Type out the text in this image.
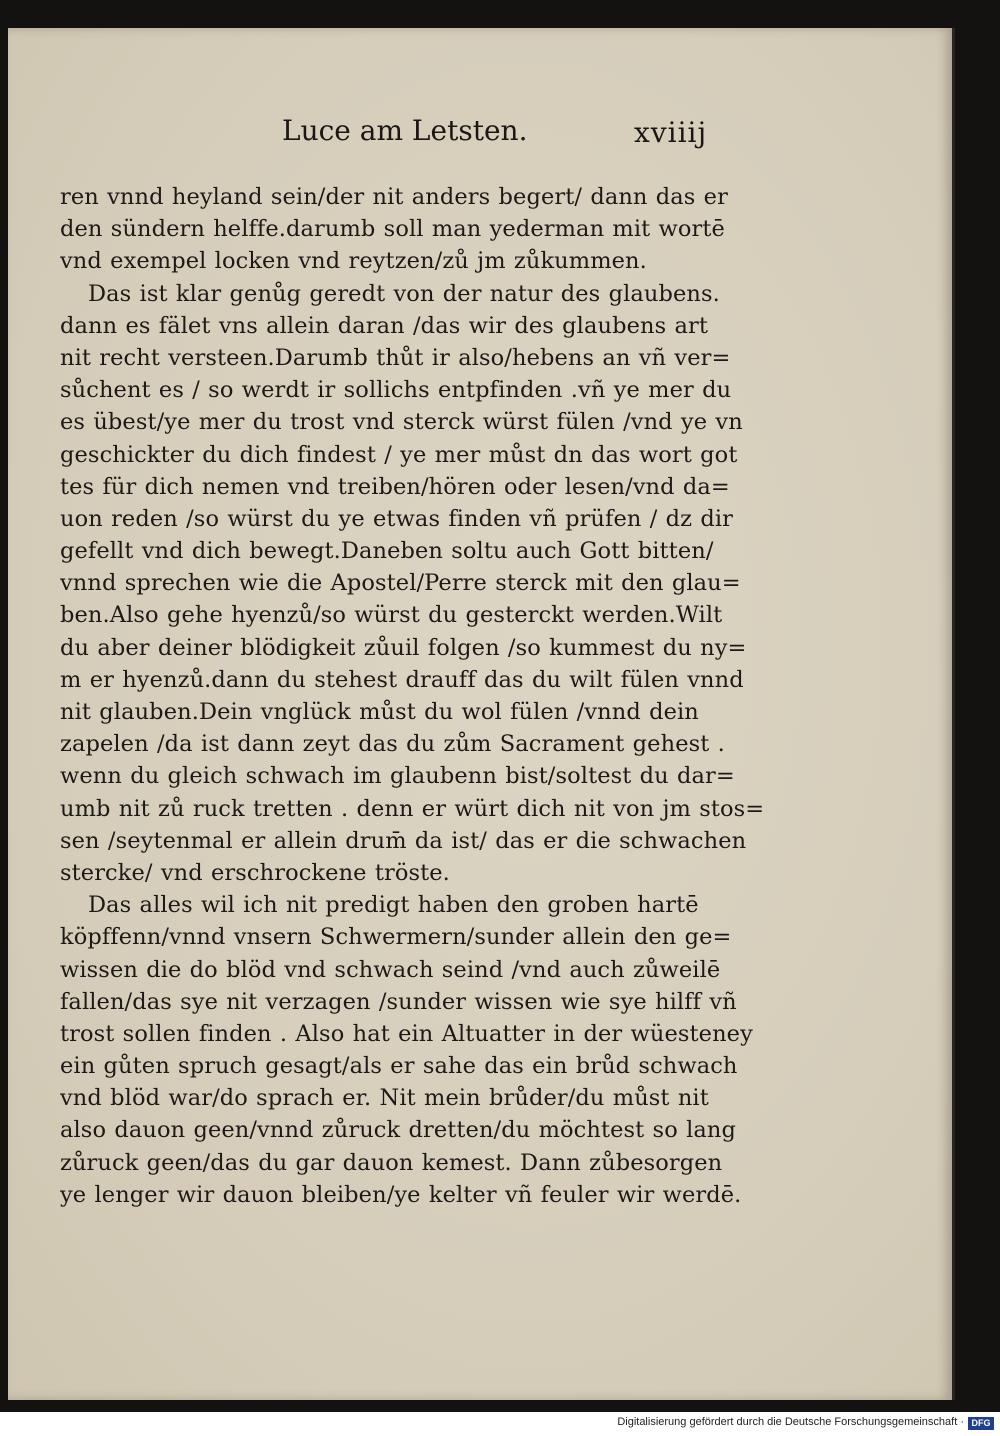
Luce am Letsten.	xviiij
ren vnnd heyland sein/der nit anders begert/ dann das er
den sündern helffe.darumb soll man yederman mit wortē
vnd exempel locken vnd reytzen/zů jm zůkummen.
Das ist klar genůg geredt von der natur des glaubens.
dann es fälet vns allein daran /das wir des glaubens art
nit recht versteen.Darumb thůt ir also/hebens an vñ ver=
sůchent es / so werdt ir sollichs entpfinden .vñ ye mer du
es übest/ye mer du trost vnd sterck würst fülen /vnd ye vn
geschickter du dich findest / ye mer můst dn das wort got
tes für dich nemen vnd treiben/hören oder lesen/vnd da=
uon reden /so würst du ye etwas finden vñ prüfen / dz dir
gefellt vnd dich bewegt.Daneben soltu auch Gott bitten/
vnnd sprechen wie die Apostel/Perre sterck mit den glau=
ben.Also gehe hyenzů/so würst du gesterckt werden.Wilt
du aber deiner blödigkeit zůuil folgen /so kummest du ny=
m er hyenzů.dann du stehest drauff das du wilt fülen vnnd
nit glauben.Dein vnglück můst du wol fülen /vnnd dein
zapelen /da ist dann zeyt das du zům Sacrament gehest .
wenn du gleich schwach im glaubenn bist/soltest du dar=
umb nit zů ruck tretten . denn er würt dich nit von jm stos=
sen /seytenmal er allein drum̄ da ist/ das er die schwachen
stercke/ vnd erschrockene tröste.
Das alles wil ich nit predigt haben den groben hartē
köpffenn/vnnd vnsern Schwermern/sunder allein den ge=
wissen die do blöd vnd schwach seind /vnd auch zůweilē
fallen/das sye nit verzagen /sunder wissen wie sye hilff vñ
trost sollen finden . Also hat ein Altuatter in der wüesteney
ein gůten spruch gesagt/als er sahe das ein brůd schwach
vnd blöd war/do sprach er. Nit mein brůder/du můst nit
also dauon geen/vnnd zůruck dretten/du möchtest so lang
zůruck geen/das du gar dauon kemest. Dann zůbesorgen
ye lenger wir dauon bleiben/ye kelter vñ feuler wir werdē.
Digitalisierung gefördert durch die Deutsche Forschungsgemeinschaft · DFG
